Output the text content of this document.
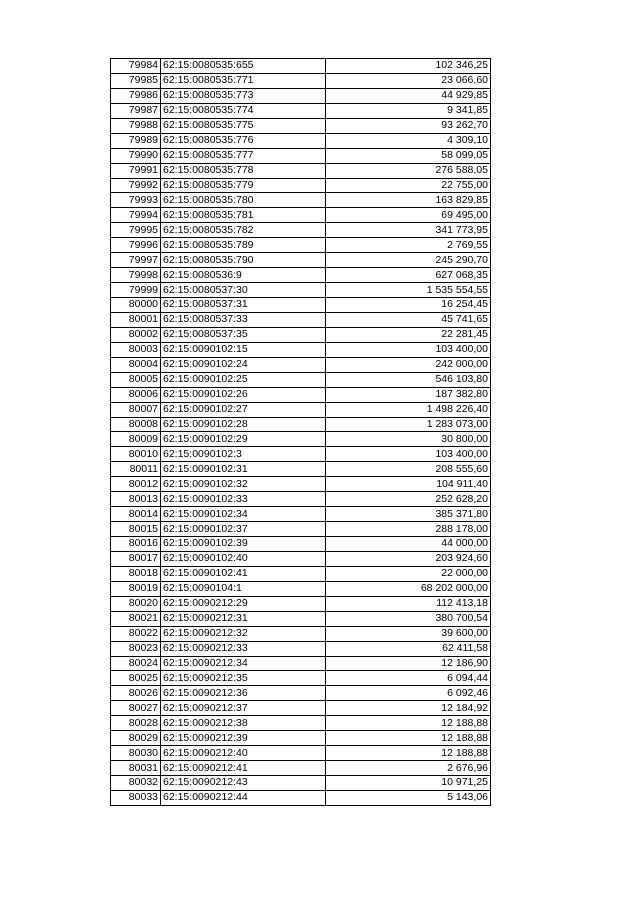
79984	62:15:0080535:655	102 346,25
79985	62:15:0080535:771	23 066,60
79986	62:15:0080535:773	44 929,85
79987	62:15:0080535:774	9 341,85
79988	62:15:0080535:775	93 262,70
79989	62:15:0080535:776	4 309,10
79990	62:15:0080535:777	58 099,05
79991	62:15:0080535:778	276 588,05
79992	62:15:0080535:779	22 755,00
79993	62:15:0080535:780	163 829,85
79994	62:15:0080535:781	69 495,00
79995	62:15:0080535:782	341 773,95
79996	62:15:0080535:789	2 769,55
79997	62:15:0080535:790	245 290,70
79998	62:15:0080536:9	627 068,35
79999	62:15:0080537:30	1 535 554,55
80000	62:15:0080537:31	16 254,45
80001	62:15:0080537:33	45 741,65
80002	62:15:0080537:35	22 281,45
80003	62:15:0090102:15	103 400,00
80004	62:15:0090102:24	242 000,00
80005	62:15:0090102:25	546 103,80
80006	62:15:0090102:26	187 382,80
80007	62:15:0090102:27	1 498 226,40
80008	62:15:0090102:28	1 283 073,00
80009	62:15:0090102:29	30 800,00
80010	62:15:0090102:3	103 400,00
80011	62:15:0090102:31	208 555,60
80012	62:15:0090102:32	104 911,40
80013	62:15:0090102:33	252 628,20
80014	62:15:0090102:34	385 371,80
80015	62:15:0090102:37	288 178,00
80016	62:15:0090102:39	44 000,00
80017	62:15:0090102:40	203 924,60
80018	62:15:0090102:41	22 000,00
80019	62:15:0090104:1	68 202 000,00
80020	62:15:0090212:29	112 413,18
80021	62:15:0090212:31	380 700,54
80022	62:15:0090212:32	39 600,00
80023	62:15:0090212:33	62 411,58
80024	62:15:0090212:34	12 186,90
80025	62:15:0090212:35	6 094,44
80026	62:15:0090212:36	6 092,46
80027	62:15:0090212:37	12 184,92
80028	62:15:0090212:38	12 188,88
80029	62:15:0090212:39	12 188,88
80030	62:15:0090212:40	12 188,88
80031	62:15:0090212:41	2 676,96
80032	62:15:0090212:43	10 971,25
80033	62:15:0090212:44	5 143,06
